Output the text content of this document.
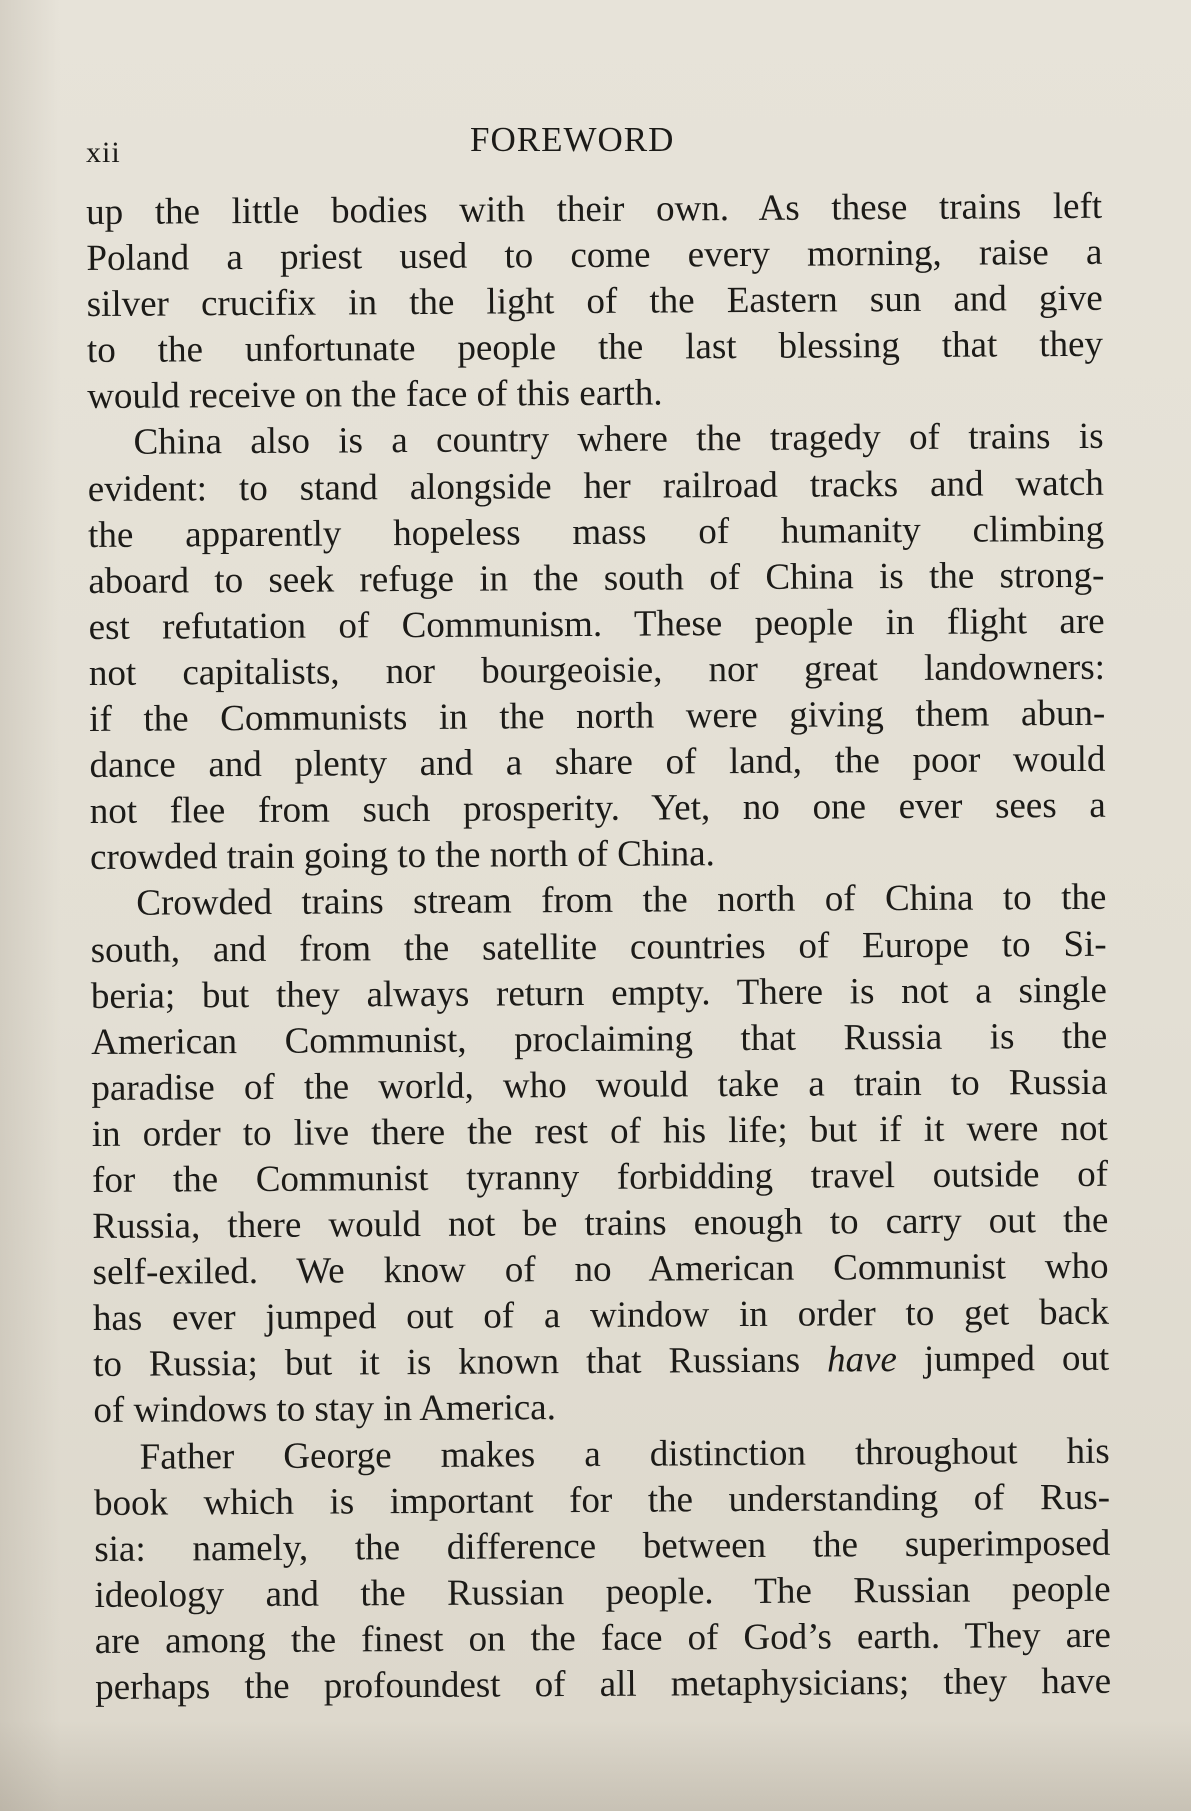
xii	FOREWORD
up the little bodies with their own. As these trains left
Poland a priest used to come every morning, raise a
silver crucifix in the light of the Eastern sun and give
to the unfortunate people the last blessing that they
would receive on the face of this earth.
China also is a country where the tragedy of trains is
evident: to stand alongside her railroad tracks and watch
the apparently hopeless mass of humanity climbing
aboard to seek refuge in the south of China is the strong-
est refutation of Communism. These people in flight are
not capitalists, nor bourgeoisie, nor great landowners:
if the Communists in the north were giving them abun-
dance and plenty and a share of land, the poor would
not flee from such prosperity. Yet, no one ever sees a
crowded train going to the north of China.
Crowded trains stream from the north of China to the
south, and from the satellite countries of Europe to Si-
beria; but they always return empty. There is not a single
American Communist, proclaiming that Russia is the
paradise of the world, who would take a train to Russia
in order to live there the rest of his life; but if it were not
for the Communist tyranny forbidding travel outside of
Russia, there would not be trains enough to carry out the
self-exiled. We know of no American Communist who
has ever jumped out of a window in order to get back
to Russia; but it is known that Russians have jumped out
of windows to stay in America.
Father George makes a distinction throughout his
book which is important for the understanding of Rus-
sia: namely, the difference between the superimposed
ideology and the Russian people. The Russian people
are among the finest on the face of God’s earth. They are
perhaps the profoundest of all metaphysicians; they have
